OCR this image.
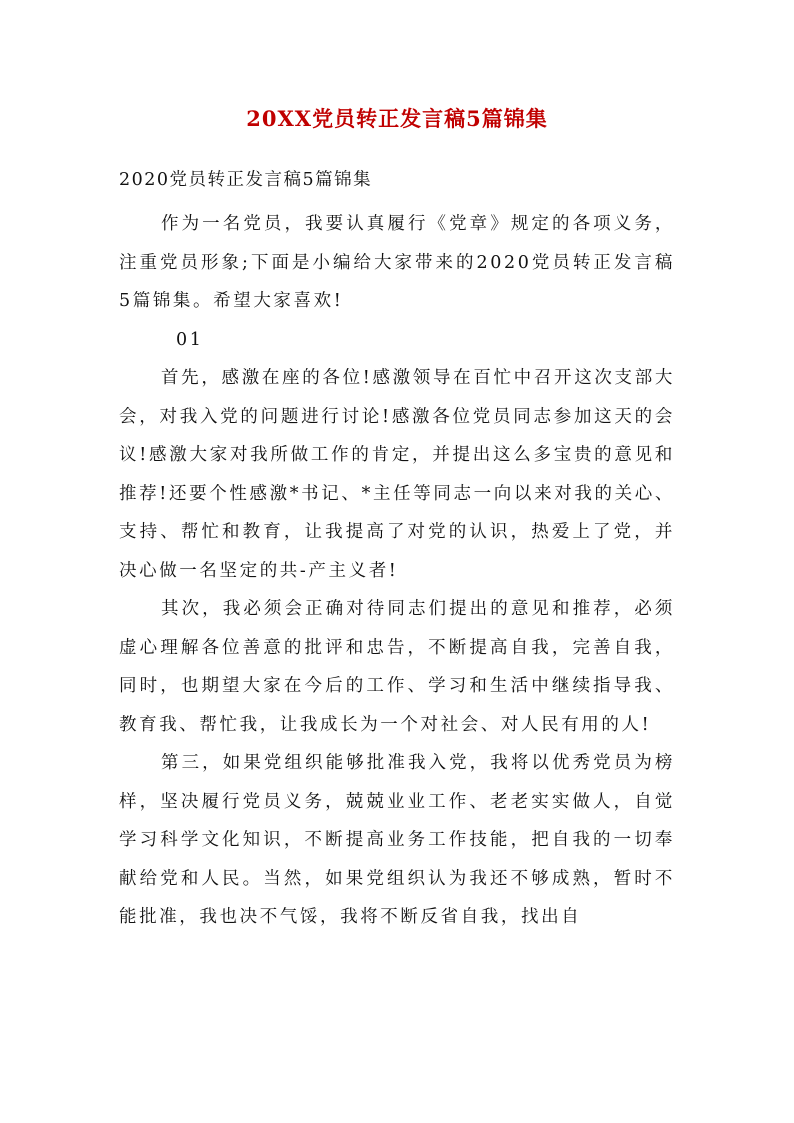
20XX党员转正发言稿5篇锦集
2020党员转正发言稿5篇锦集

作为一名党员，我要认真履行《党章》规定的各项义务，注重党员形象;下面是小编给大家带来的2020党员转正发言稿5篇锦集。希望大家喜欢!

01

首先，感激在座的各位!感激领导在百忙中召开这次支部大会，对我入党的问题进行讨论!感激各位党员同志参加这天的会议!感激大家对我所做工作的肯定，并提出这么多宝贵的意见和推荐!还要个性感激*书记、*主任等同志一向以来对我的关心、支持、帮忙和教育，让我提高了对党的认识，热爱上了党，并决心做一名坚定的共-产主义者!

其次，我必须会正确对待同志们提出的意见和推荐，必须虚心理解各位善意的批评和忠告，不断提高自我，完善自我，同时，也期望大家在今后的工作、学习和生活中继续指导我、教育我、帮忙我，让我成长为一个对社会、对人民有用的人!

第三，如果党组织能够批准我入党，我将以优秀党员为榜样，坚决履行党员义务，兢兢业业工作、老老实实做人，自觉学习科学文化知识，不断提高业务工作技能，把自我的一切奉献给党和人民。当然，如果党组织认为我还不够成熟，暂时不能批准，我也决不气馁，我将不断反省自我，找出自
